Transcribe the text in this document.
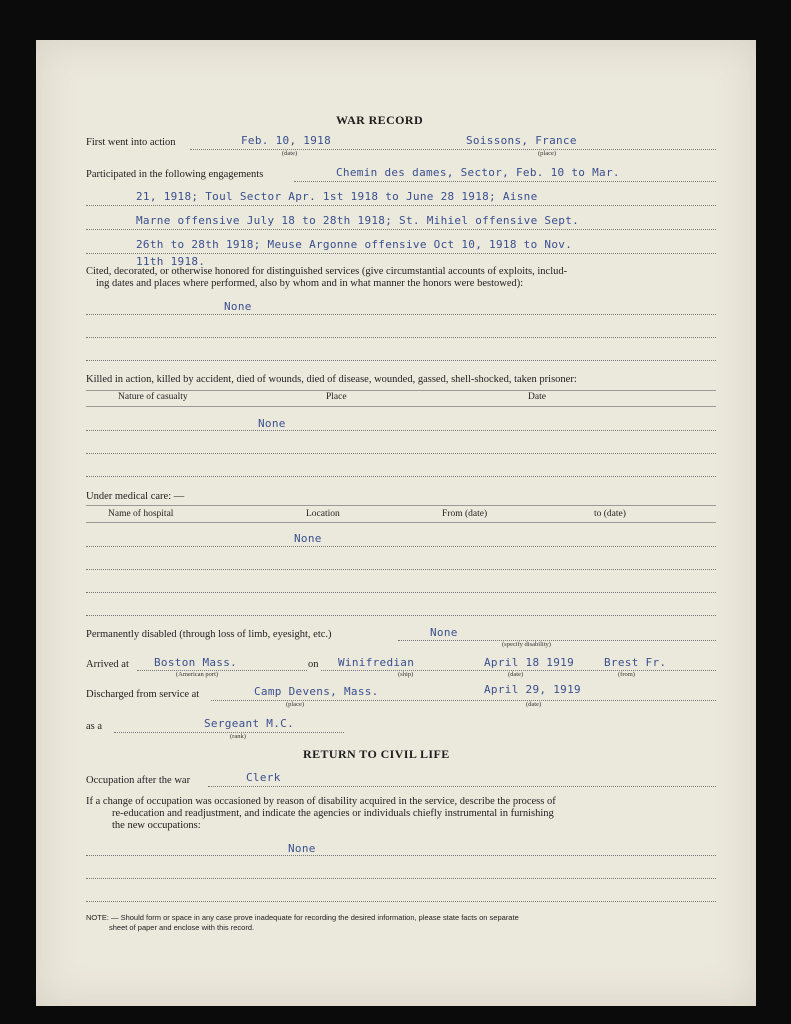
WAR RECORD
First went into action	Feb. 10, 1918	Soissons, France
(date)	(place)
Participated in the following engagements	Chemin des dames, Sector, Feb. 10 to Mar.
21, 1918; Toul Sector Apr. 1st 1918 to June 28 1918; Aisne
Marne offensive July 18 to 28th 1918; St. Mihiel offensive Sept.
26th to 28th 1918; Meuse Argonne offensive Oct 10, 1918 to Nov.
11th 1918.
Cited, decorated, or otherwise honored for distinguished services (give circumstantial accounts of exploits, includ-
ing dates and places where performed, also by whom and in what manner the honors were bestowed):
None
Killed in action, killed by accident, died of wounds, died of disease, wounded, gassed, shell-shocked, taken prisoner:
Nature of casualty	Place	Date
None
Under medical care: —
Name of hospital	Location	From (date)	to (date)
None
Permanently disabled (through loss of limb, eyesight, etc.)	None
(specify disability)
Arrived at Boston Mass.	on Winifredian	April 18 1919	Brest Fr.
(American port)	(ship)	(date)	(from)
Discharged from service at	Camp Devens, Mass.	April 29, 1919
(place)	(date)
as a	Sergeant M.C.
(rank)
RETURN TO CIVIL LIFE
Occupation after the war	Clerk
If a change of occupation was occasioned by reason of disability acquired in the service, describe the process of
re-education and readjustment, and indicate the agencies or individuals chiefly instrumental in furnishing
the new occupations:
None
NOTE: — Should form or space in any case prove inadequate for recording the desired information, please state facts on separate
sheet of paper and enclose with this record.
